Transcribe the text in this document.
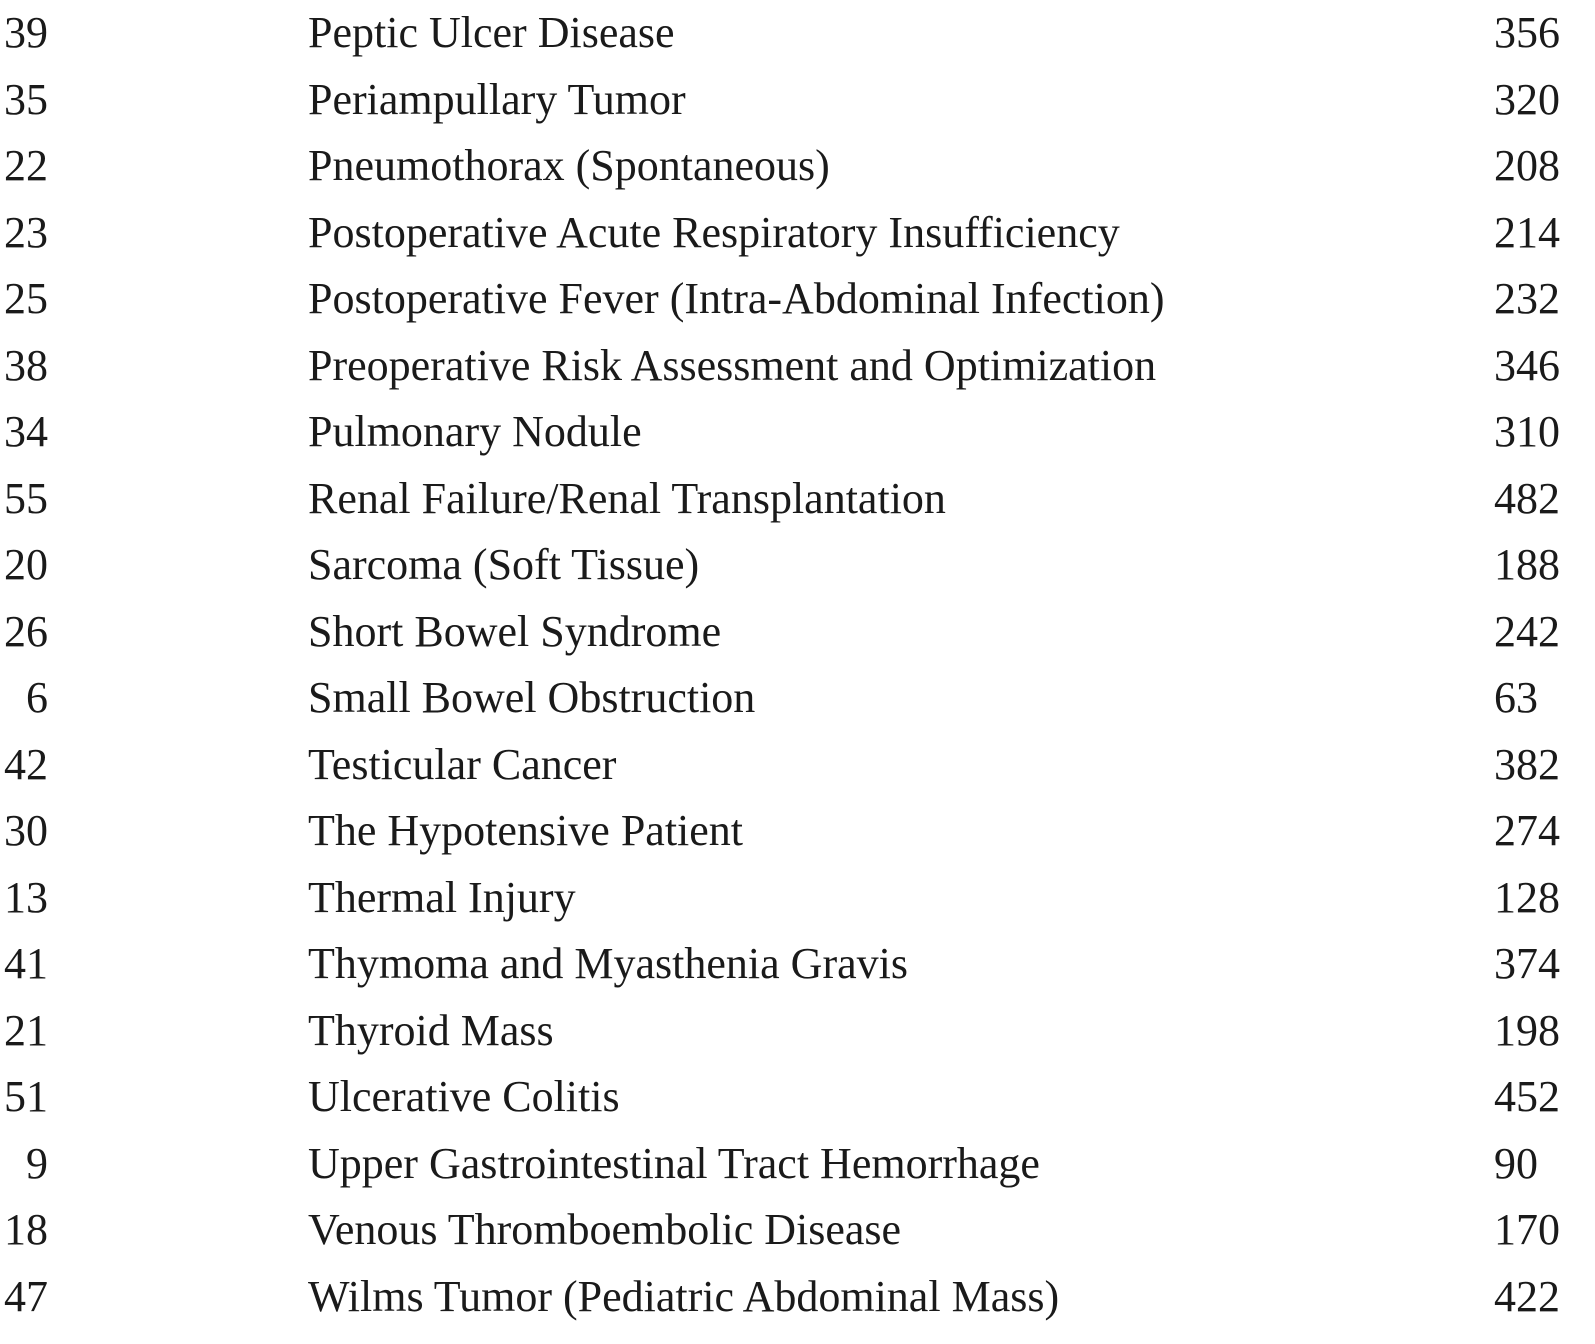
39	Peptic Ulcer Disease	356
35	Periampullary Tumor	320
22	Pneumothorax (Spontaneous)	208
23	Postoperative Acute Respiratory Insufficiency	214
25	Postoperative Fever (Intra-Abdominal Infection)	232
38	Preoperative Risk Assessment and Optimization	346
34	Pulmonary Nodule	310
55	Renal Failure/Renal Transplantation	482
20	Sarcoma (Soft Tissue)	188
26	Short Bowel Syndrome	242
6	Small Bowel Obstruction	63
42	Testicular Cancer	382
30	The Hypotensive Patient	274
13	Thermal Injury	128
41	Thymoma and Myasthenia Gravis	374
21	Thyroid Mass	198
51	Ulcerative Colitis	452
9	Upper Gastrointestinal Tract Hemorrhage	90
18	Venous Thromboembolic Disease	170
47	Wilms Tumor (Pediatric Abdominal Mass)	422
